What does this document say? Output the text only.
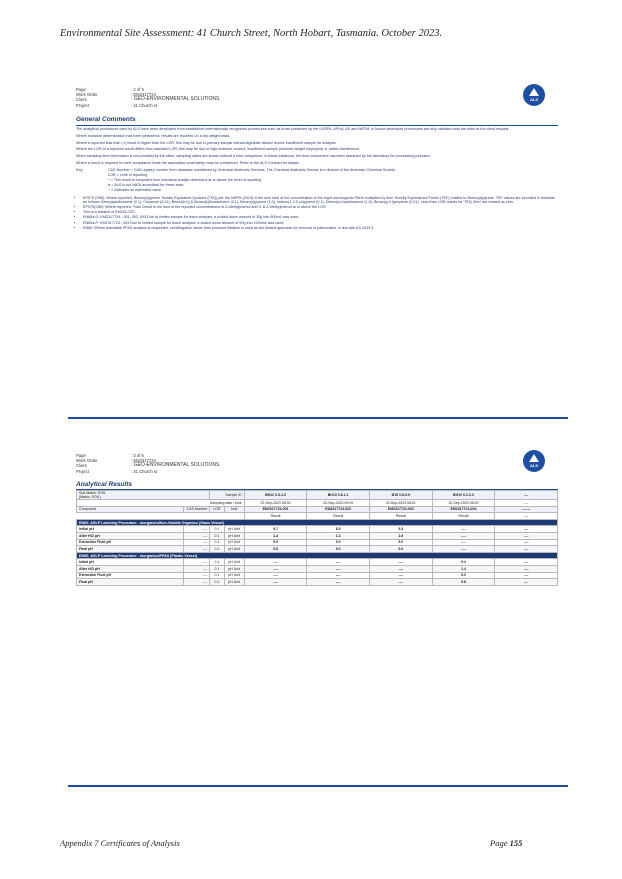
Environmental Site Assessment: 41 Church Street, North Hobart, Tasmania. October 2023.
Appendix 7 Certificates of Analysis	Page 155
Page	: 2 of 5
Work Order	: EM2317724
Client	: GEO-ENVIRONMENTAL SOLUTIONS
Project	: 41 Church st
ALS
General Comments

The analytical procedures used by ALS have been developed from established internationally recognised procedures such as those published by the USEPA, APHA, AS and NEPM. In house developed procedures are fully validated and are often at the client request.

Where moisture determination has been performed, results are reported on a dry weight basis.

Where a reported less than (<) result is higher than the LOR, this may be due to primary sample extract/digestate dilution and/or insufficient sample for analysis.

Where the LOR of a reported result differs from standard LOR, this may be due to high moisture content, insufficient sample (reduced weight employed) or matrix interference.

When sampling time information is not provided by the client, sampling dates are shown without a time component. In these instances, the time component has been assumed by the laboratory for processing purposes.

Where a result is required to meet compliance limits the associated uncertainty must be considered. Refer to the ALS Contract for details.

Key :	CAS Number = CAS registry number from database maintained by Chemical Abstracts Services. The Chemical Abstracts Service is a division of the American Chemical Society.
LOR = Limit of reporting
^ = This result is computed from individual analyte detections at or above the level of reporting
ø = ALS is not NATA accredited for these tests.
~ = Indicates an estimated value.
• EP075 (SIM): Where reported, Benzo(a)pyrene Toxicity Equivalent Quotient (TEQ) per the NEPM (2013) is the sum total of the concentration of the eight carcinogenic PAHs multiplied by their Toxicity Equivalence Factor (TEF) relative to Benzo(a)pyrene. TEF values are provided in brackets as follows: Benz(a)anthracene (0.1), Chrysene (0.01), Benzo(b+j) & Benzo(k)fluoranthene (0.1), Benzo(a)pyrene (1.0), Indeno(1.2.3.cd)pyrene (0.1), Dibenz(a.h)anthracene (1.0), Benzo(g.h.i)perylene (0.01). Less than LOR results for 'TEQ Zero' are treated as zero.
• EP075(SIM): Where reported, Total Cresol is the sum of the reported concentrations of 2-Methylphenol and 3- & 4-Methylphenol at or above the LOR.
• This is a rebatch of EM2317207.
• EN60a-G: EM2317724 - 001, 002, 003 Due to limited sample for leach analysis, a scaled down amount of 30g into 600mL was used.
• EN60a-P: EM2317724 - 004 Due to limited sample for leach analysis, a scaled down amount of 50g into 1000mL was used.
• EN60: Where leachable PFAS analysis is requested, centrifugation rather than pressure filtration is used as the default approach for removal of particulates, in line with AS 4439.3.
Page	: 3 of 5
Work Order	: EM2317724
Client	: GEO-ENVIRONMENTAL SOLUTIONS
Project	: 41 Church st
ALS
Analytical Results
Sub-Matrix: SOIL
(Matrix: SOIL)		Sample ID		BH12 0.5-1.0	BH13 0.8-1.1	B15 0.6-0.9	BH10 0.2-0.3	----
Sampling date / time				22-Sep-2023 08:30	22-Sep-2023 09:00	22-Sep-2023 08:51	22-Sep-2023 08:20	----
Compound	CAS Number	LOR	Unit	EM2317724-001	EM2317724-002	EM2317724-003	EM2317724-004	-------
				Result	Result	Result	Result	----
EN60: ASLP Leaching Procedure - Inorganics/Non-Volatile Organics (Glass Vessel)								
Initial pH	----	0.1	pH Unit	9.7	8.5	9.3	----	----
After HCl pH	----	0.1	pH Unit	1.4	1.4	1.6	----	----
Extraction Fluid pH	----	0.1	pH Unit	5.0	5.0	5.0	----	----
Final pH	----	0.1	pH Unit	5.8	5.0	5.0	----	----
EN60: ASLP Leaching Procedure - Inorganics/PFAS (Plastic Vessel)								
Initial pH	----	0.1	pH Unit	----	----	----	9.4	----
After HCl pH	----	0.1	pH Unit	----	----	----	1.4	----
Extraction Fluid pH	----	0.1	pH Unit	----	----	----	5.0	----
Final pH	----	0.1	pH Unit	----	----	----	5.8	----
